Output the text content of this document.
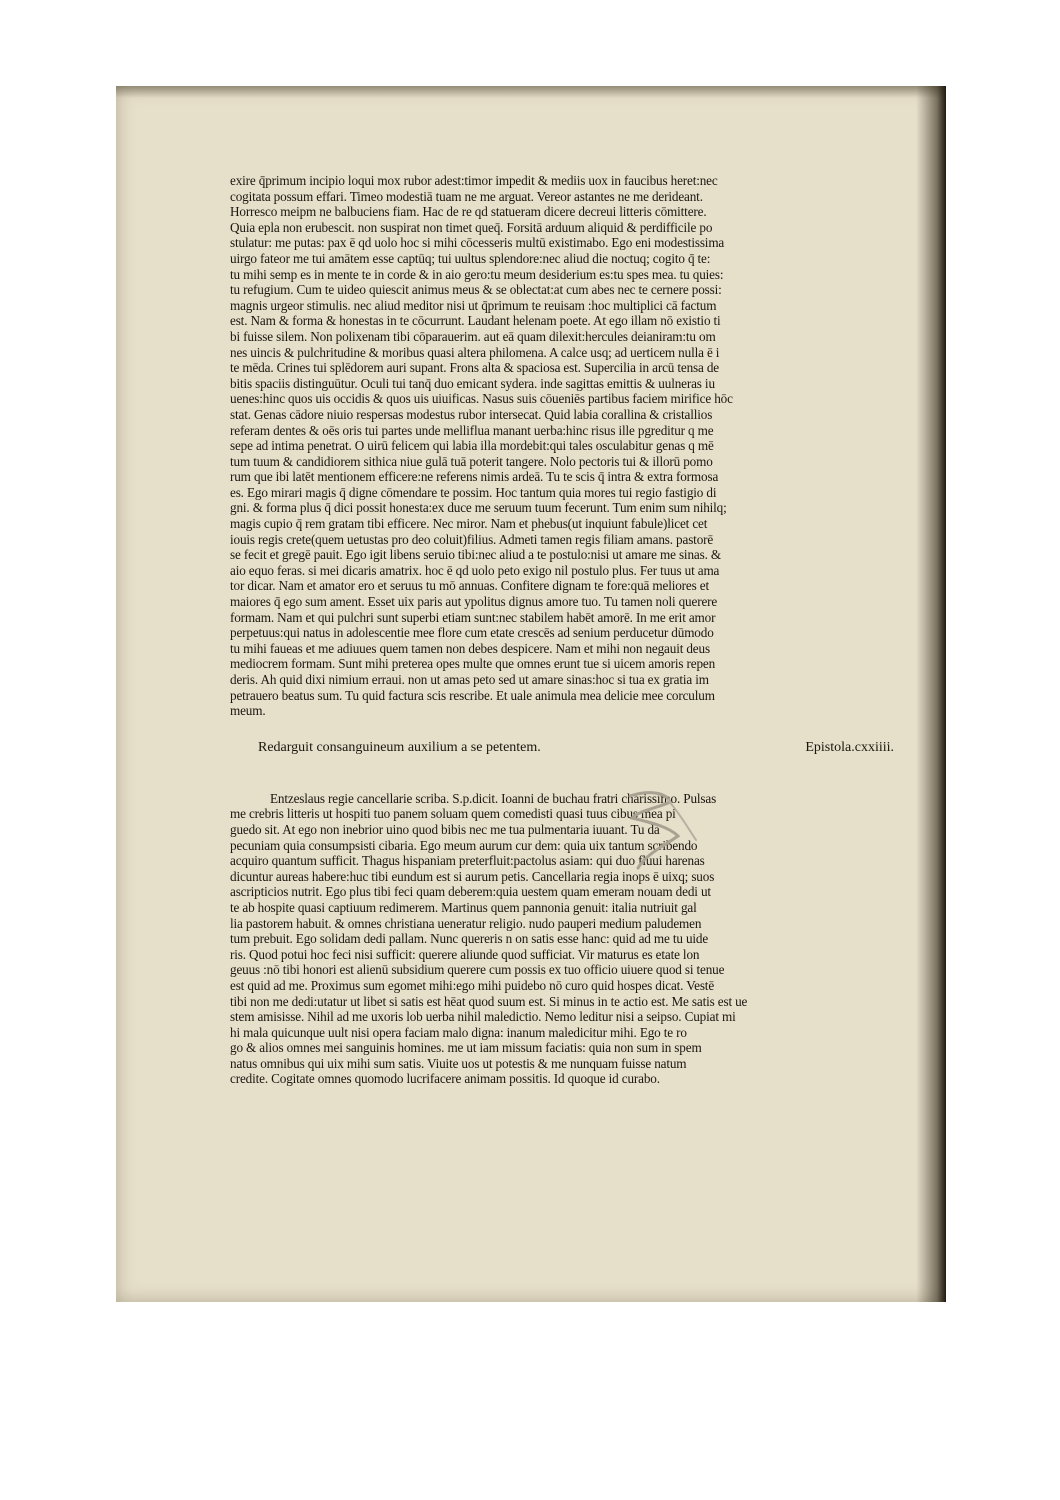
exire q̄primum incipio loqui mox rubor adest:timor impedit & mediis uox in faucibus heret:nec
cogitata possum effari. Timeo modestiā tuam ne me arguat. Vereor astantes ne me derideant.
Horresco meipm ne balbuciens fiam. Hac de re qd statueram dicere decreui litteris cōmittere.
Quia epla non erubescit. non suspirat non timet queq̄. Forsitā arduum aliquid & perdifficile po
stulatur: me putas: pax ē qd uolo hoc si mihi cōcesseris multū existimabo. Ego eni modestissima
uirgo fateor me tui amātem esse captūq; tui uultus splendore:nec aliud die noctuq; cogito q̄ te:
tu mihi semp es in mente te in corde & in aio gero:tu meum desiderium es:tu spes mea. tu quies:
tu refugium. Cum te uideo quiescit animus meus & se oblectat:at cum abes nec te cernere possi:
magnis urgeor stimulis. nec aliud meditor nisi ut q̄primum te reuisam :hoc multiplici cā factum
est. Nam & forma & honestas in te cōcurrunt. Laudant helenam poete. At ego illam nō existio ti
bi fuisse silem. Non polixenam tibi cōparauerim. aut eā quam dilexit:hercules deianiram:tu om
nes uincis & pulchritudine & moribus quasi altera philomena. A calce usq; ad uerticem nulla ē i
te mēda. Crines tui splēdorem auri supant. Frons alta & spaciosa est. Supercilia in arcū tensa de
bitis spaciis distinguūtur. Oculi tui tanq̄ duo emicant sydera. inde sagittas emittis & uulneras iu
uenes:hinc quos uis occidis & quos uis uiuificas. Nasus suis cōueniēs partibus faciem mirifice hōc
stat. Genas cādore niuio respersas modestus rubor intersecat. Quid labia corallina & cristallios
referam dentes & oēs oris tui partes unde melliflua manant uerba:hinc risus ille pgreditur q me
sepe ad intima penetrat. O uirū felicem qui labia illa mordebit:qui tales osculabitur genas q mē
tum tuum & candidiorem sithica niue gulā tuā poterit tangere. Nolo pectoris tui & illorū pomo
rum que ibi latēt mentionem efficere:ne referens nimis ardeā. Tu te scis q̄ intra & extra formosa
es. Ego mirari magis q̄ digne cōmendare te possim. Hoc tantum quia mores tui regio fastigio di
gni. & forma plus q̄ dici possit honesta:ex duce me seruum tuum fecerunt. Tum enim sum nihilq;
magis cupio q̄ rem gratam tibi efficere. Nec miror. Nam et phebus(ut inquiunt fabule)licet cet
iouis regis crete(quem uetustas pro deo coluit)filius. Admeti tamen regis filiam amans. pastorē
se fecit et gregē pauit. Ego igit libens seruio tibi:nec aliud a te postulo:nisi ut amare me sinas. &
aio equo feras. si mei dicaris amatrix. hoc ē qd uolo peto exigo nil postulo plus. Fer tuus ut ama
tor dicar. Nam et amator ero et seruus tu mō annuas. Confitere dignam te fore:quā meliores et
maiores q̄ ego sum ament. Esset uix paris aut ypolitus dignus amore tuo. Tu tamen noli querere
formam. Nam et qui pulchri sunt superbi etiam sunt:nec stabilem habēt amorē. In me erit amor
perpetuus:qui natus in adolescentie mee flore cum etate crescēs ad senium perducetur dūmodo
tu mihi faueas et me adiuues quem tamen non debes despicere. Nam et mihi non negauit deus
mediocrem formam. Sunt mihi preterea opes multe que omnes erunt tue si uicem amoris repen
deris. Ah quid dixi nimium erraui. non ut amas peto sed ut amare sinas:hoc si tua ex gratia im
petrauero beatus sum. Tu quid factura scis rescribe. Et uale animula mea delicie mee corculum
meum.
Redarguit consanguineum auxilium a se petentem.	Epistola.cxxiiii.
Entzeslaus regie cancellarie scriba. S.p.dicit. Ioanni de buchau fratri charissimo. Pulsas
me crebris litteris ut hospiti tuo panem soluam quem comedisti quasi tuus cibus mea pi
guedo sit. At ego non inebrior uino quod bibis nec me tua pulmentaria iuuant. Tu da
pecuniam quia consumpsisti cibaria. Ego meum aurum cur dem: quia uix tantum scribendo
acquiro quantum sufficit. Thagus hispaniam preterfluit:pactolus asiam: qui duo fluui harenas
dicuntur aureas habere:huc tibi eundum est si aurum petis. Cancellaria regia inops ē uixq; suos
ascripticios nutrit. Ego plus tibi feci quam deberem:quia uestem quam emeram nouam dedi ut
te ab hospite quasi captiuum redimerem. Martinus quem pannonia genuit: italia nutriuit gal
lia pastorem habuit. & omnes christiana ueneratur religio. nudo pauperi medium paludemen
tum prebuit. Ego solidam dedi pallam. Nunc quereris n on satis esse hanc: quid ad me tu uide
ris. Quod potui hoc feci nisi sufficit: querere aliunde quod sufficiat. Vir maturus es etate lon
geuus :nō tibi honori est alienū subsidium querere cum possis ex tuo officio uiuere quod si tenue
est quid ad me. Proximus sum egomet mihi:ego mihi puidebo nō curo quid hospes dicat. Vestē
tibi non me dedi:utatur ut libet si satis est hēat quod suum est. Si minus in te actio est. Me satis est ue
stem amisisse. Nihil ad me uxoris lob uerba nihil maledictio. Nemo leditur nisi a seipso. Cupiat mi
hi mala quicunque uult nisi opera faciam malo digna: inanum maledicitur mihi. Ego te ro
go & alios omnes mei sanguinis homines. me ut iam missum faciatis: quia non sum in spem
natus omnibus qui uix mihi sum satis. Viuite uos ut potestis & me nunquam fuisse natum
credite. Cogitate omnes quomodo lucrifacere animam possitis. Id quoque id curabo.
